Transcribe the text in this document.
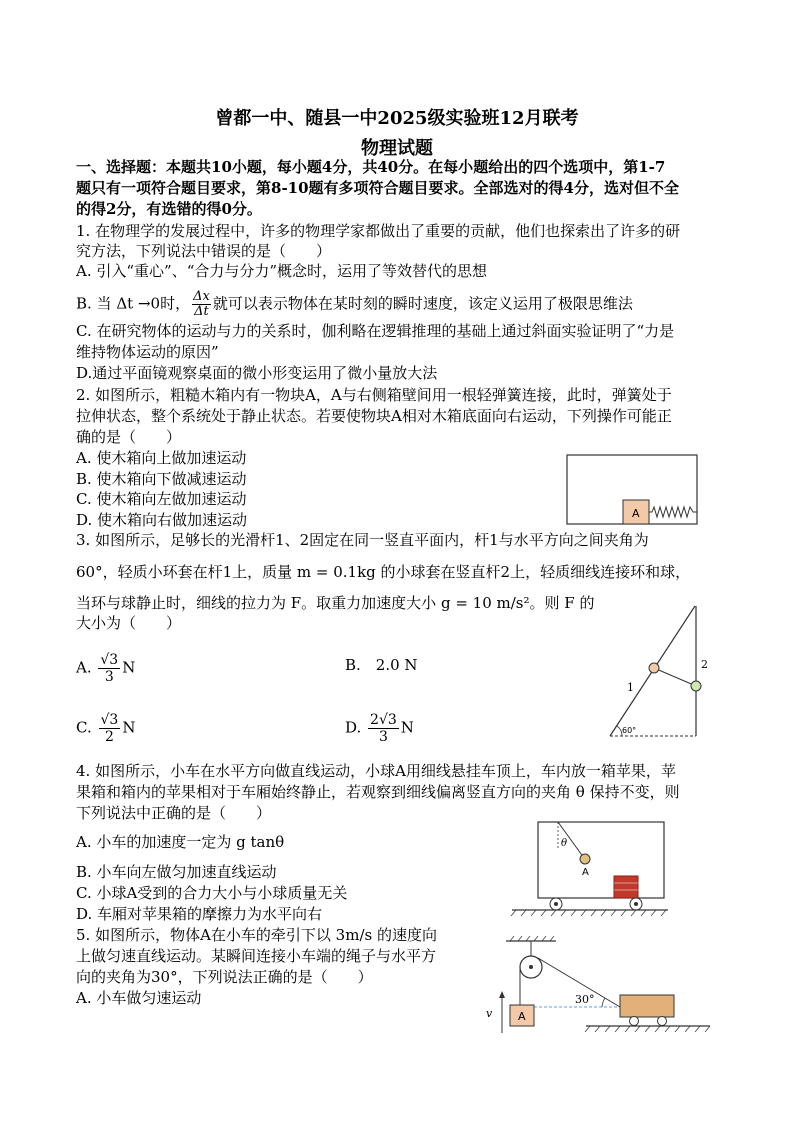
曾都一中、随县一中2025级实验班12月联考
物理试题
一、选择题：本题共10小题，每小题4分，共40分。在每小题给出的四个选项中，第1-7
题只有一项符合题目要求，第8-10题有多项符合题目要求。全部选对的得4分，选对但不全
的得2分，有选错的得0分。
1. 在物理学的发展过程中，许多的物理学家都做出了重要的贡献，他们也探索出了许多的研
究方法，下列说法中错误的是（　　）
A. 引入“重心”、“合力与分力”概念时，运用了等效替代的思想
B. 当 Δt →0时， $\frac{\Delta x}{\Delta t}$ 就可以表示物体在某时刻的瞬时速度，该定义运用了极限思维法
C. 在研究物体的运动与力的关系时，伽利略在逻辑推理的基础上通过斜面实验证明了“力是
维持物体运动的原因”
D.通过平面镜观察桌面的微小形变运用了微小量放大法
2. 如图所示，粗糙木箱内有一物块A，A与右侧箱壁间用一根轻弹簧连接，此时，弹簧处于
拉伸状态，整个系统处于静止状态。若要使物块A相对木箱底面向右运动，下列操作可能正
确的是（　　）
A. 使木箱向上做加速运动
B. 使木箱向下做减速运动
C. 使木箱向左做加速运动
D. 使木箱向右做加速运动	A
3. 如图所示，足够长的光滑杆1、2固定在同一竖直平面内，杆1与水平方向之间夹角为
60°，轻质小环套在杆1上，质量 m = 0.1kg 的小球套在竖直杆2上，轻质细线连接环和球，
当环与球静止时，细线的拉力为 F。取重力加速度大小 g = 10 m/s²。则 F 的
大小为（　　）
A. $\frac{√3}{3}$ N	B.　2.0 N
C. $\frac{√3}{2}$ N	D. $\frac{2√3}{3}$ N	60°
1
2
4. 如图所示，小车在水平方向做直线运动，小球A用细线悬挂车顶上，车内放一箱苹果，苹
果箱和箱内的苹果相对于车厢始终静止，若观察到细线偏离竖直方向的夹角 θ 保持不变，则
下列说法中正确的是（　　）
A. 小车的加速度一定为 g tanθ
B. 小车向左做匀加速直线运动
C. 小球A受到的合力大小与小球质量无关
D. 车厢对苹果箱的摩擦力为水平向右
θ
A
5. 如图所示，物体A在小车的牵引下以 3m/s 的速度向
上做匀速直线运动。某瞬间连接小车端的绳子与水平方
向的夹角为30°，下列说法正确的是（　　）
A. 小车做匀速运动
A
v
30°
